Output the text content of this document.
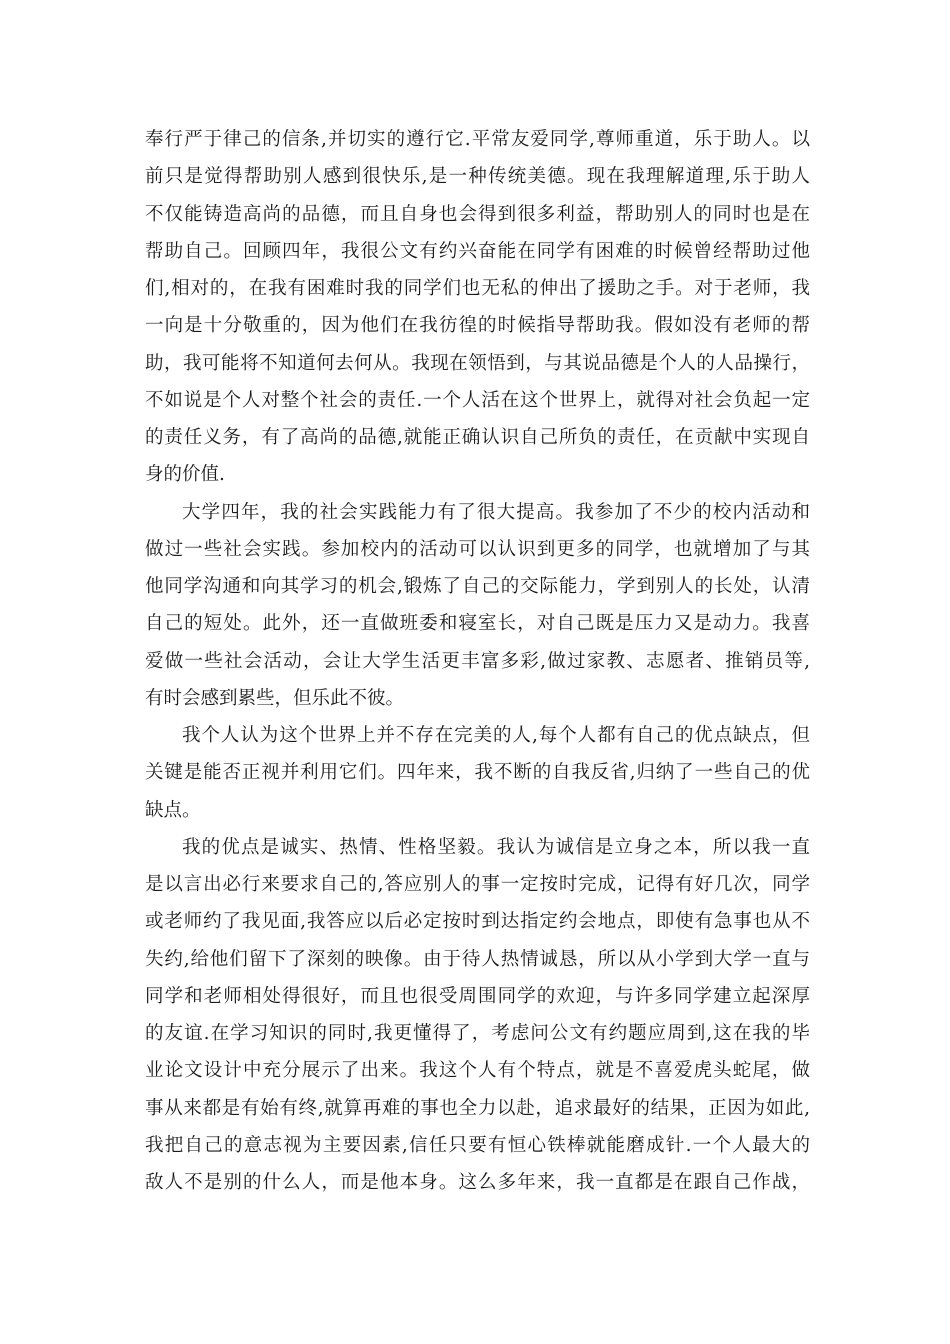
奉行严于律己的信条,并切实的遵行它.平常友爱同学,尊师重道，乐于助人。以
前只是觉得帮助别人感到很快乐,是一种传统美德。现在我理解道理,乐于助人
不仅能铸造高尚的品德，而且自身也会得到很多利益，帮助别人的同时也是在
帮助自己。回顾四年，我很公文有约兴奋能在同学有困难的时候曾经帮助过他
们,相对的，在我有困难时我的同学们也无私的伸出了援助之手。对于老师，我
一向是十分敬重的，因为他们在我彷徨的时候指导帮助我。假如没有老师的帮
助，我可能将不知道何去何从。我现在领悟到，与其说品德是个人的人品操行，
不如说是个人对整个社会的责任.一个人活在这个世界上，就得对社会负起一定
的责任义务，有了高尚的品德,就能正确认识自己所负的责任，在贡献中实现自
身的价值.
大学四年，我的社会实践能力有了很大提高。我参加了不少的校内活动和
做过一些社会实践。参加校内的活动可以认识到更多的同学，也就增加了与其
他同学沟通和向其学习的机会,锻炼了自己的交际能力，学到别人的长处，认清
自己的短处。此外，还一直做班委和寝室长，对自己既是压力又是动力。我喜
爱做一些社会活动，会让大学生活更丰富多彩,做过家教、志愿者、推销员等,
有时会感到累些，但乐此不彼。
我个人认为这个世界上并不存在完美的人,每个人都有自己的优点缺点，但
关键是能否正视并利用它们。四年来，我不断的自我反省,归纳了一些自己的优
缺点。
我的优点是诚实、热情、性格坚毅。我认为诚信是立身之本，所以我一直
是以言出必行来要求自己的,答应别人的事一定按时完成，记得有好几次，同学
或老师约了我见面,我答应以后必定按时到达指定约会地点，即使有急事也从不
失约,给他们留下了深刻的映像。由于待人热情诚恳，所以从小学到大学一直与
同学和老师相处得很好，而且也很受周围同学的欢迎，与许多同学建立起深厚
的友谊.在学习知识的同时,我更懂得了，考虑问公文有约题应周到,这在我的毕
业论文设计中充分展示了出来。我这个人有个特点，就是不喜爱虎头蛇尾，做
事从来都是有始有终,就算再难的事也全力以赴，追求最好的结果，正因为如此,
我把自己的意志视为主要因素,信任只要有恒心铁棒就能磨成针.一个人最大的
敌人不是别的什么人，而是他本身。这么多年来，我一直都是在跟自己作战，
